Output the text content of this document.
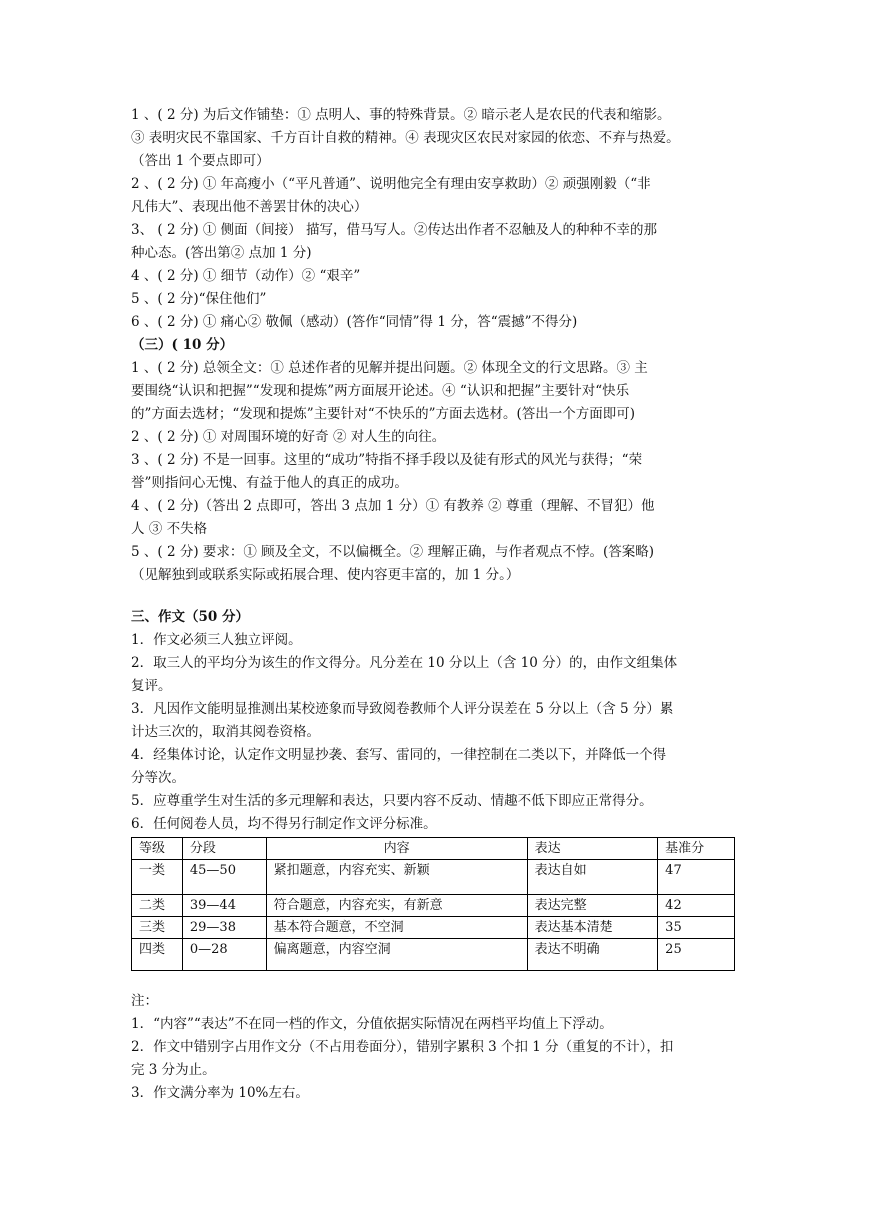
1 、( 2 分) 为后文作铺垫：① 点明人、事的特殊背景。② 暗示老人是农民的代表和缩影。
③ 表明灾民不靠国家、千方百计自救的精神。④ 表现灾区农民对家园的依恋、不弃与热爱。
（答出 1 个要点即可）
2 、( 2 分) ① 年高瘦小（“平凡普通”、说明他完全有理由安享救助）② 顽强刚毅（“非
凡伟大”、表现出他不善罢甘休的决心）
3、 ( 2 分) ① 侧面（间接） 描写，借马写人。②传达出作者不忍触及人的种种不幸的那
种心态。(答出第② 点加 1 分)
4 、( 2 分) ① 细节（动作）② “艰辛”
5 、( 2 分)“保住他们”
6 、( 2 分) ① 痛心② 敬佩（感动）(答作“同情”得 1 分，答“震撼”不得分)
（三）( 10 分）
1 、( 2 分) 总领全文：① 总述作者的见解并提出问题。② 体现全文的行文思路。③ 主
要围绕“认识和把握”“发现和提炼”两方面展开论述。④ “认识和把握”主要针对“快乐
的”方面去选材；“发现和提炼”主要针对“不快乐的”方面去选材。(答出一个方面即可)
2 、( 2 分) ① 对周围环境的好奇 ② 对人生的向往。
3 、( 2 分) 不是一回事。这里的“成功”特指不择手段以及徒有形式的风光与获得；“荣
誉”则指问心无愧、有益于他人的真正的成功。
4 、( 2 分)（答出 2 点即可，答出 3 点加 1 分）① 有教养 ② 尊重（理解、不冒犯）他
人 ③ 不失格
5 、( 2 分) 要求：① 顾及全文，不以偏概全。② 理解正确，与作者观点不悖。(答案略)
（见解独到或联系实际或拓展合理、使内容更丰富的，加 1 分。）
三、作文（50 分）
1．作文必须三人独立评阅。
2．取三人的平均分为该生的作文得分。凡分差在 10 分以上（含 10 分）的，由作文组集体
复评。
3．凡因作文能明显推测出某校迹象而导致阅卷教师个人评分误差在 5 分以上（含 5 分）累
计达三次的，取消其阅卷资格。
4．经集体讨论，认定作文明显抄袭、套写、雷同的，一律控制在二类以下，并降低一个得
分等次。
5．应尊重学生对生活的多元理解和表达，只要内容不反动、情趣不低下即应正常得分。
6．任何阅卷人员，均不得另行制定作文评分标准。
等级	分段	内容	表达	基准分
一类	45—50	紧扣题意，内容充实、新颖	表达自如	47
二类	39—44	符合题意，内容充实，有新意	表达完整	42
三类	29—38	基本符合题意，不空洞	表达基本清楚	35
四类	0—28	偏离题意，内容空洞	表达不明确	25
注：
1．“内容”“表达”不在同一档的作文，分值依据实际情况在两档平均值上下浮动。
2．作文中错别字占用作文分（不占用卷面分），错别字累积 3 个扣 1 分（重复的不计），扣
完 3 分为止。
3．作文满分率为 10%左右。
